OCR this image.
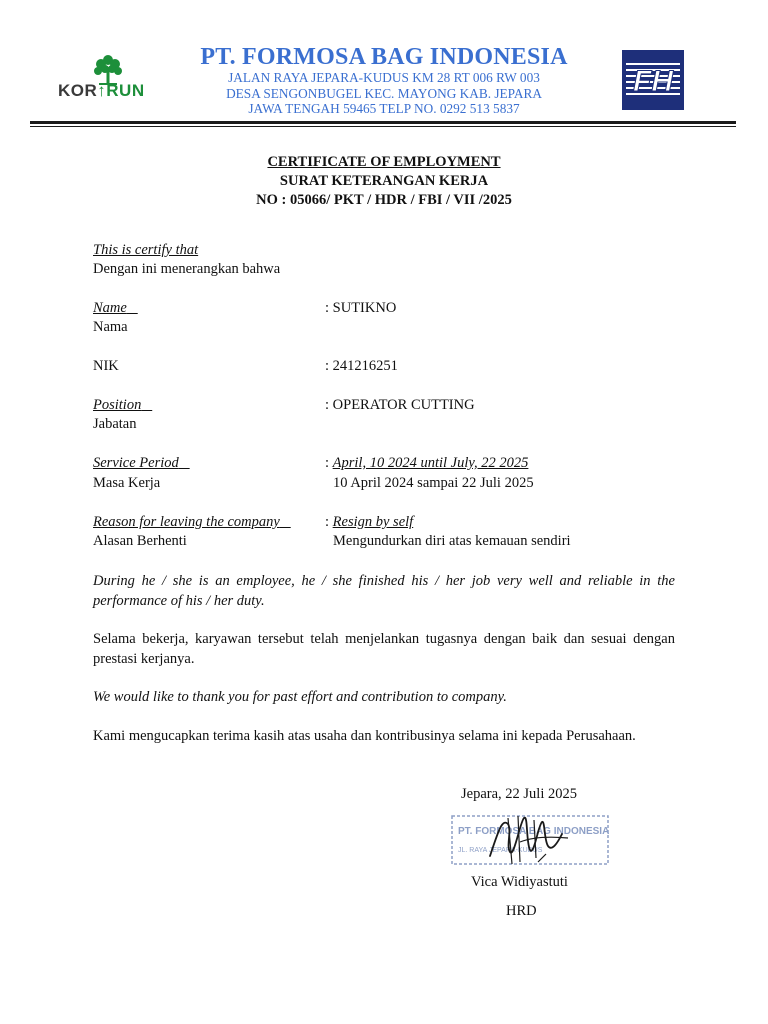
KOR↑RUN
PT. FORMOSA BAG INDONESIA
JALAN RAYA JEPARA-KUDUS KM 28 RT 006 RW 003
DESA SENGONBUGEL KEC. MAYONG KAB. JEPARA
JAWA TENGAH 59465 TELP NO. 0292 513 5837
FH
CERTIFICATE OF EMPLOYMENT
SURAT KETERANGAN KERJA
NO : 05066/ PKT / HDR / FBI / VII /2025
This is certify that
Dengan ini menerangkan bahwa
Name
Nama
: SUTIKNO
NIK	: 241216251
Position
Jabatan
: OPERATOR CUTTING
Service Period
Masa Kerja
: April, 10 2024 until July, 22 2025
10 April 2024 sampai 22 Juli 2025
Reason for leaving the company
Alasan Berhenti
: Resign by self
Mengundurkan diri atas kemauan sendiri
During he / she is an employee, he / she finished his / her job very well and reliable in the performance of his / her duty.
Selama bekerja, karyawan tersebut telah menjelankan tugasnya dengan baik dan sesuai dengan prestasi kerjanya.
We would like to thank you for past effort and contribution to company.
Kami mengucapkan terima kasih atas usaha dan kontribusinya selama ini kepada Perusahaan.
Jepara, 22 Juli 2025
PT. FORMOSA BAG INDONESIA
JL. RAYA JEPARA-KUDUS
Vica Widiyastuti
HRD
